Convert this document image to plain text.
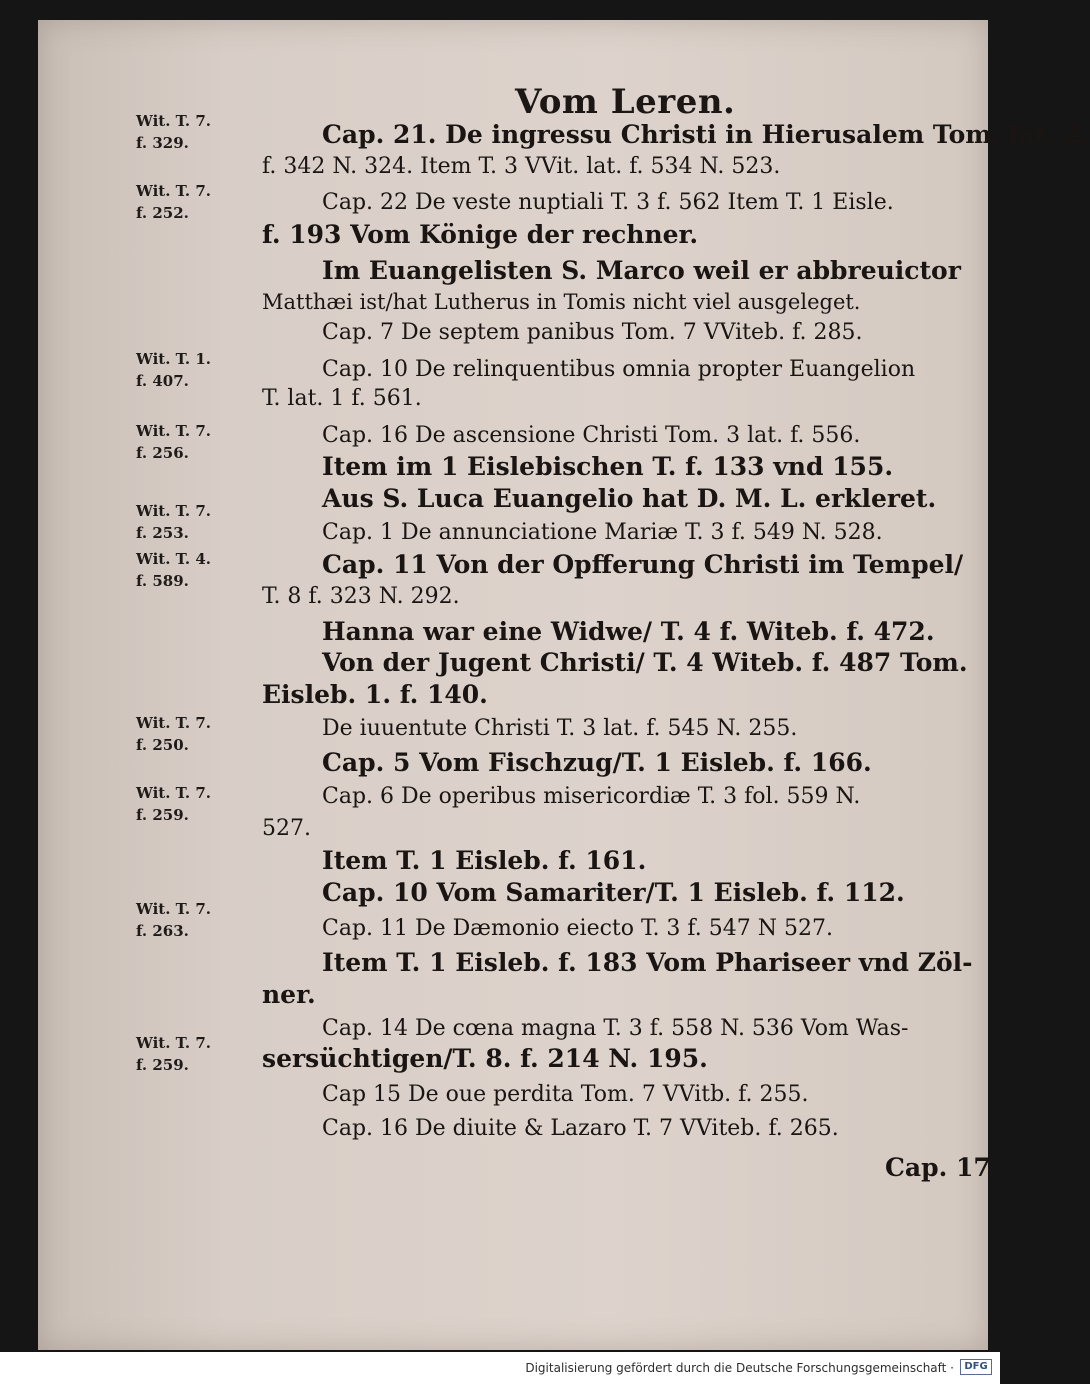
Vom Leren.
Wit. T. 7.
f. 329.
Wit. T. 7.
f. 252.
Wit. T. 1.
f. 407.
Wit. T. 7.
f. 256.
Wit. T. 7.
f. 253.
Wit. T. 4.
f. 589.
Wit. T. 7.
f. 250.
Wit. T. 7.
f. 259.
Wit. T. 7.
f. 263.
Wit. T. 7.
f. 259.
Cap. 21. De ingressu Christi in Hierusalem Tom. lat. 2.
f. 342 N. 324. Item T. 3 VVit. lat. f. 534 N. 523.
Cap. 22 De veste nuptiali T. 3 f. 562 Item T. 1 Eisle.
f. 193 Vom Könige der rechner.
Im Euangelisten S. Marco weil er abbreuictor
Matthæi ist/hat Lutherus in Tomis nicht viel ausgeleget.
Cap. 7 De septem panibus Tom. 7 VVitеb. f. 285.
Cap. 10 De relinquentibus omnia propter Euangelion
T. lat. 1 f. 561.
Cap. 16 De ascensione Christi Tom. 3 lat. f. 556.
Item im 1 Eislebischen T. f. 133 vnd 155.
Aus S. Luca Euangelio hat D. M. L. erkleret.
Cap. 1 De annunciatione Mariæ T. 3 f. 549 N. 528.
Cap. 11 Von der Opfferung Christi im Tempel/
T. 8 f. 323 N. 292.
Hanna war eine Widwe/ T. 4 f. Witeb. f. 472.
Von der Jugent Christi/ T. 4 Witеb. f. 487 Tom.
Eisleb. 1. f. 140.
De iuuentute Christi T. 3 lat. f. 545 N. 255.
Cap. 5 Vom Fischzug/T. 1 Eisleb. f. 166.
Cap. 6 De operibus misericordiæ T. 3 fol. 559 N.
527.
Item T. 1 Eisleb. f. 161.
Cap. 10 Vom Samariter/T. 1 Eisleb. f. 112.
Cap. 11 De Dæmonio eiecto T. 3 f. 547 N 527.
Item T. 1 Eisleb. f. 183 Vom Phariseer vnd Zöl-
ner.
Cap. 14 De cœna magna T. 3 f. 558 N. 536 Vom Was-
sersüchtigen/T. 8. f. 214 N. 195.
Cap 15 De oue perdita Tom. 7 VVitb. f. 255.
Cap. 16 De diuite & Lazaro T. 7 VVitеb. f. 265.
Cap. 17
Digitalisierung gefördert durch die Deutsche Forschungsgemeinschaft ·	DFG
